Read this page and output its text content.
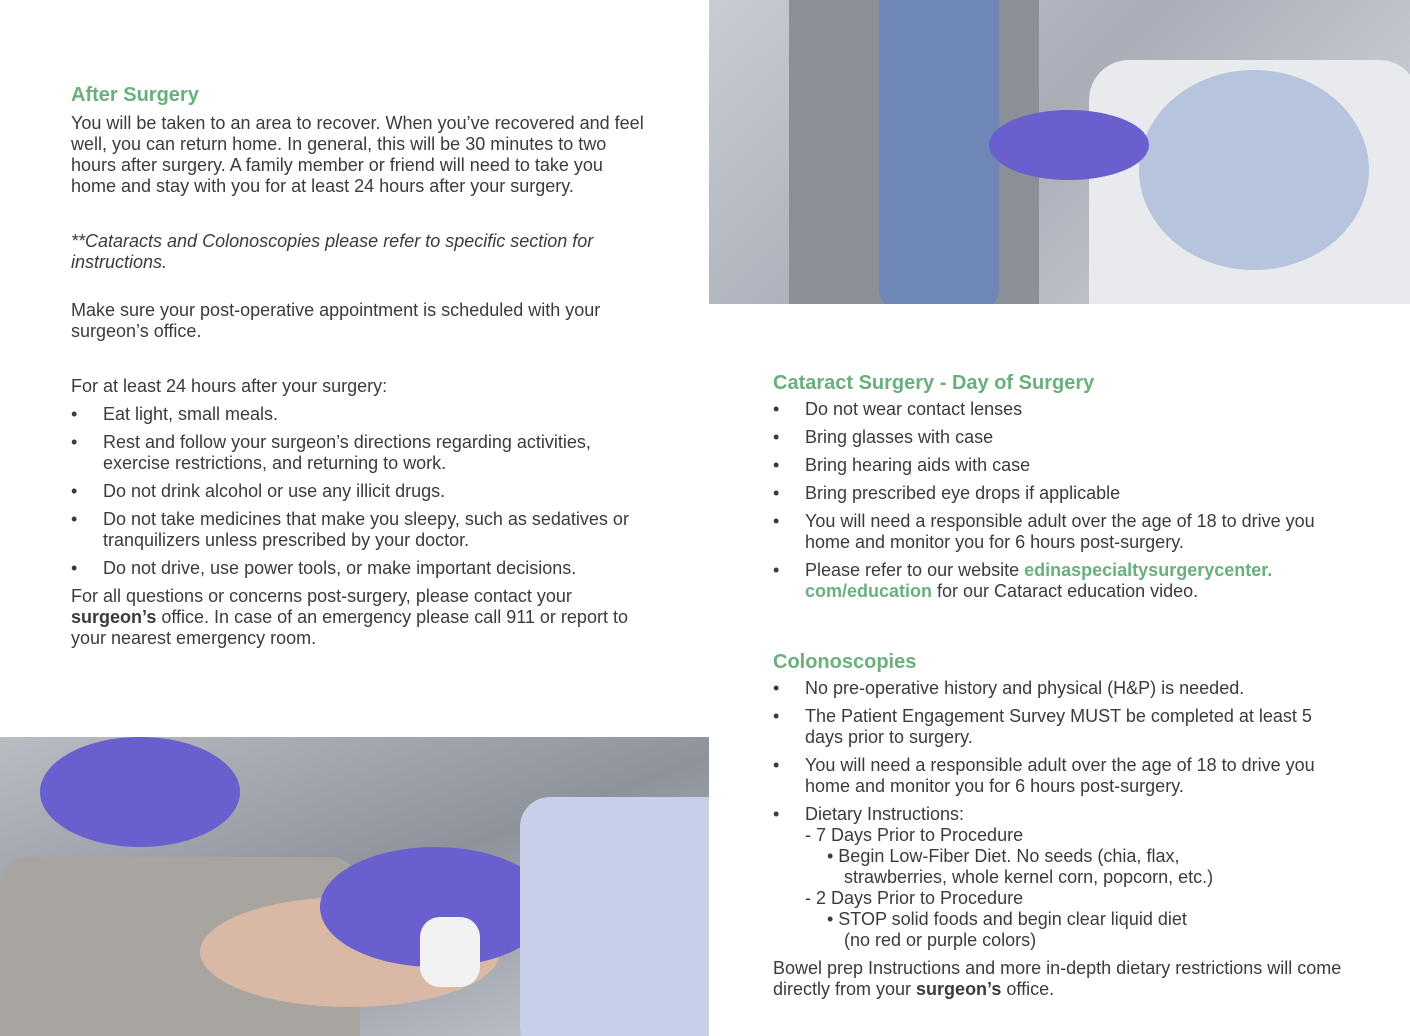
After Surgery

You will be taken to an area to recover. When you’ve recovered and feel well, you can return home. In general, this will be 30 minutes to two hours after surgery. A family member or friend will need to take you home and stay with you for at least 24 hours after your surgery.

**Cataracts and Colonoscopies please refer to specific section for instructions.

Make sure your post-operative appointment is scheduled with your surgeon’s office.

For at least 24 hours after your surgery:

• Eat light, small meals.
• Rest and follow your surgeon’s directions regarding activities, exercise restrictions, and returning to work.
• Do not drink alcohol or use any illicit drugs.
• Do not take medicines that make you sleepy, such as sedatives or tranquilizers unless prescribed by your doctor.
• Do not drive, use power tools, or make important decisions.

For all questions or concerns post-surgery, please contact your surgeon’s office. In case of an emergency please call 911 or report to your nearest emergency room.

Cataract Surgery - Day of Surgery
• Do not wear contact lenses
• Bring glasses with case
• Bring hearing aids with case
• Bring prescribed eye drops if applicable
• You will need a responsible adult over the age of 18 to drive you home and monitor you for 6 hours post-surgery.
• Please refer to our website edinaspecialtysurgerycenter. com/education for our Cataract education video.
Colonoscopies
• No pre-operative history and physical (H&P) is needed.
• The Patient Engagement Survey MUST be completed at least 5 days prior to surgery.
• You will need a responsible adult over the age of 18 to drive you home and monitor you for 6 hours post-surgery.
• Dietary Instructions:
- 7 Days Prior to Procedure
• Begin Low-Fiber Diet. No seeds (chia, flax,
strawberries, whole kernel corn, popcorn, etc.)
- 2 Days Prior to Procedure
• STOP solid foods and begin clear liquid diet
(no red or purple colors)

Bowel prep Instructions and more in-depth dietary restrictions will come directly from your surgeon’s office.
